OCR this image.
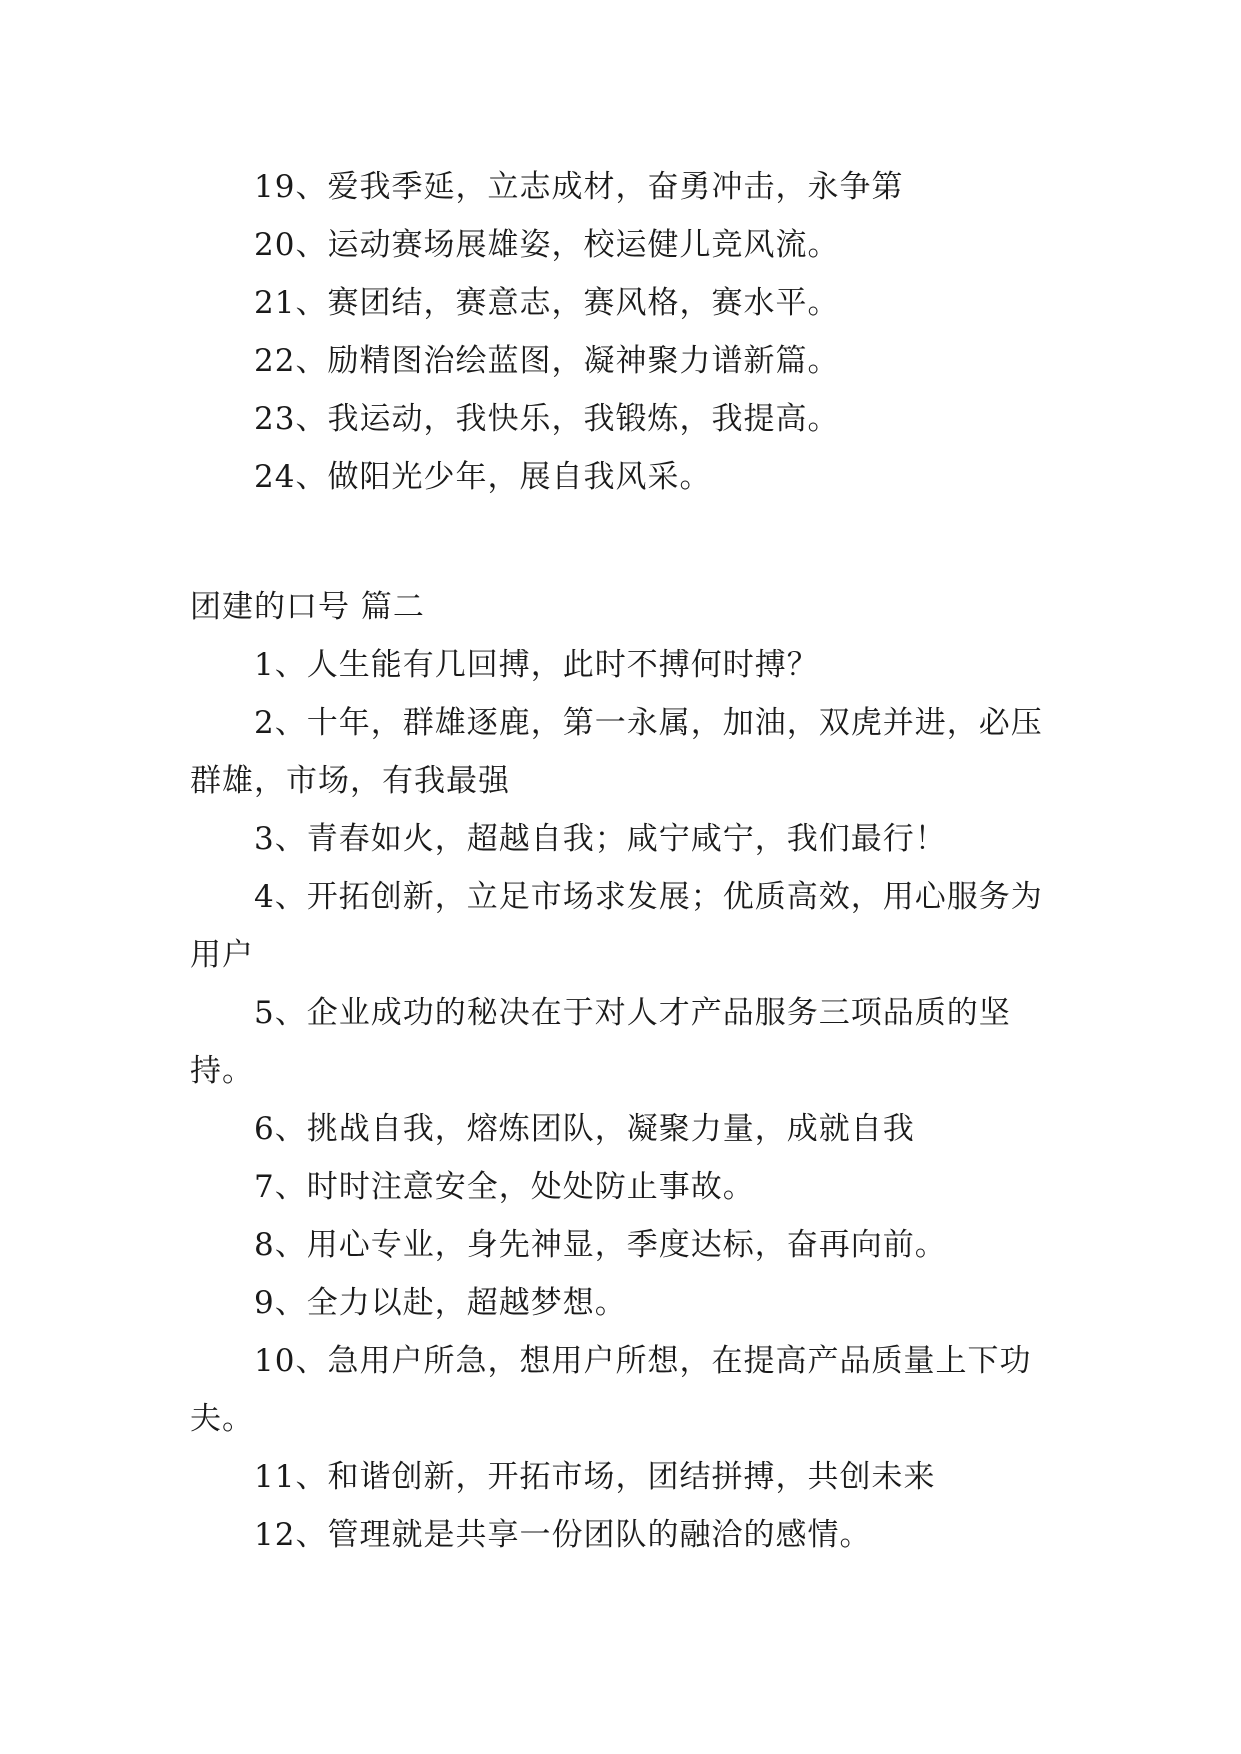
19、爱我季延，立志成材，奋勇冲击，永争第
20、运动赛场展雄姿，校运健儿竞风流。
21、赛团结，赛意志，赛风格，赛水平。
22、励精图治绘蓝图，凝神聚力谱新篇。
23、我运动，我快乐，我锻炼，我提高。
24、做阳光少年，展自我风采。
团建的口号 篇二
1、人生能有几回搏，此时不搏何时搏？
2、十年，群雄逐鹿，第一永属，加油，双虎并进，必压群雄，市场，有我最强
3、青春如火，超越自我；咸宁咸宁，我们最行！
4、开拓创新，立足市场求发展；优质高效，用心服务为用户
5、企业成功的秘决在于对人才产品服务三项品质的坚持。
6、挑战自我，熔炼团队，凝聚力量，成就自我
7、时时注意安全，处处防止事故。
8、用心专业，身先神显，季度达标，奋再向前。
9、全力以赴，超越梦想。
10、急用户所急，想用户所想，在提高产品质量上下功夫。
11、和谐创新，开拓市场，团结拼搏，共创未来
12、管理就是共享一份团队的融洽的感情。
